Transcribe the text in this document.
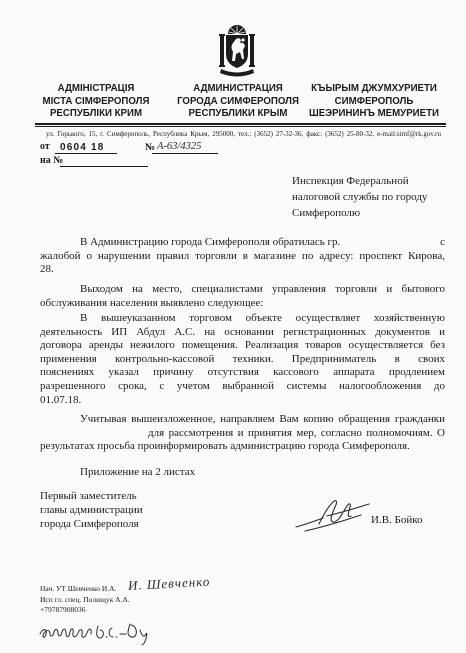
АДМІНІСТРАЦІЯ
МІСТА СІМФЕРОПОЛЯ
РЕСПУБЛІКИ КРИМ
АДМИНИСТРАЦИЯ
ГОРОДА СИМФЕРОПОЛЯ
РЕСПУБЛИКИ КРЫМ
КЪЫРЫМ ДЖУМХУРИЕТИ
СИМФЕРОПОЛЬ
ШЕЭРИНИНЪ МЕМУРИЕТИ
ул. Горького, 15, г. Симферополь, Республика Крым, 295000, тел.: (3652) 27-32-36, факс: (3652) 25-80-32, e-mail:simf@rk.gov.ru
от 0604 18	№ А-63/4325
на №
Инспекция Федеральной
налоговой службы по городу
Симферополю
В Администрацию города Симферополя обратилась гр.	с
жалобой о нарушении правил торговли в магазине по адресу: проспект Кирова,
28.
Выходом на место, специалистами управления торговли и бытового
обслуживания населения выявлено следующее:
В вышеуказанном торговом объекте осуществляет хозяйственную
деятельность ИП Абдул А.С. на основании регистрационных документов и
договора аренды нежилого помещения. Реализация товаров осуществляется без
применения контрольно-кассовой техники. Предприниматель в своих
пояснениях указал причину отсутствия кассового аппарата продлением
разрешенного срока, с учетом выбранной системы налогообложения до
01.07.18.
Учитывая вышеизложенное, направляем Вам копию обращения гражданки
для рассмотрения и принятия мер, согласно полномочиям. О
результатах просьба проинформировать администрацию города Симферополя.
Приложение на 2 листах
Первый заместитель
главы администрации
города Симферополя	И.В. Бойко
Нач. УТ Шевченко И.А.
Исп гл. спец. Полищук А.А.
+79787908036
И. Шевченко
